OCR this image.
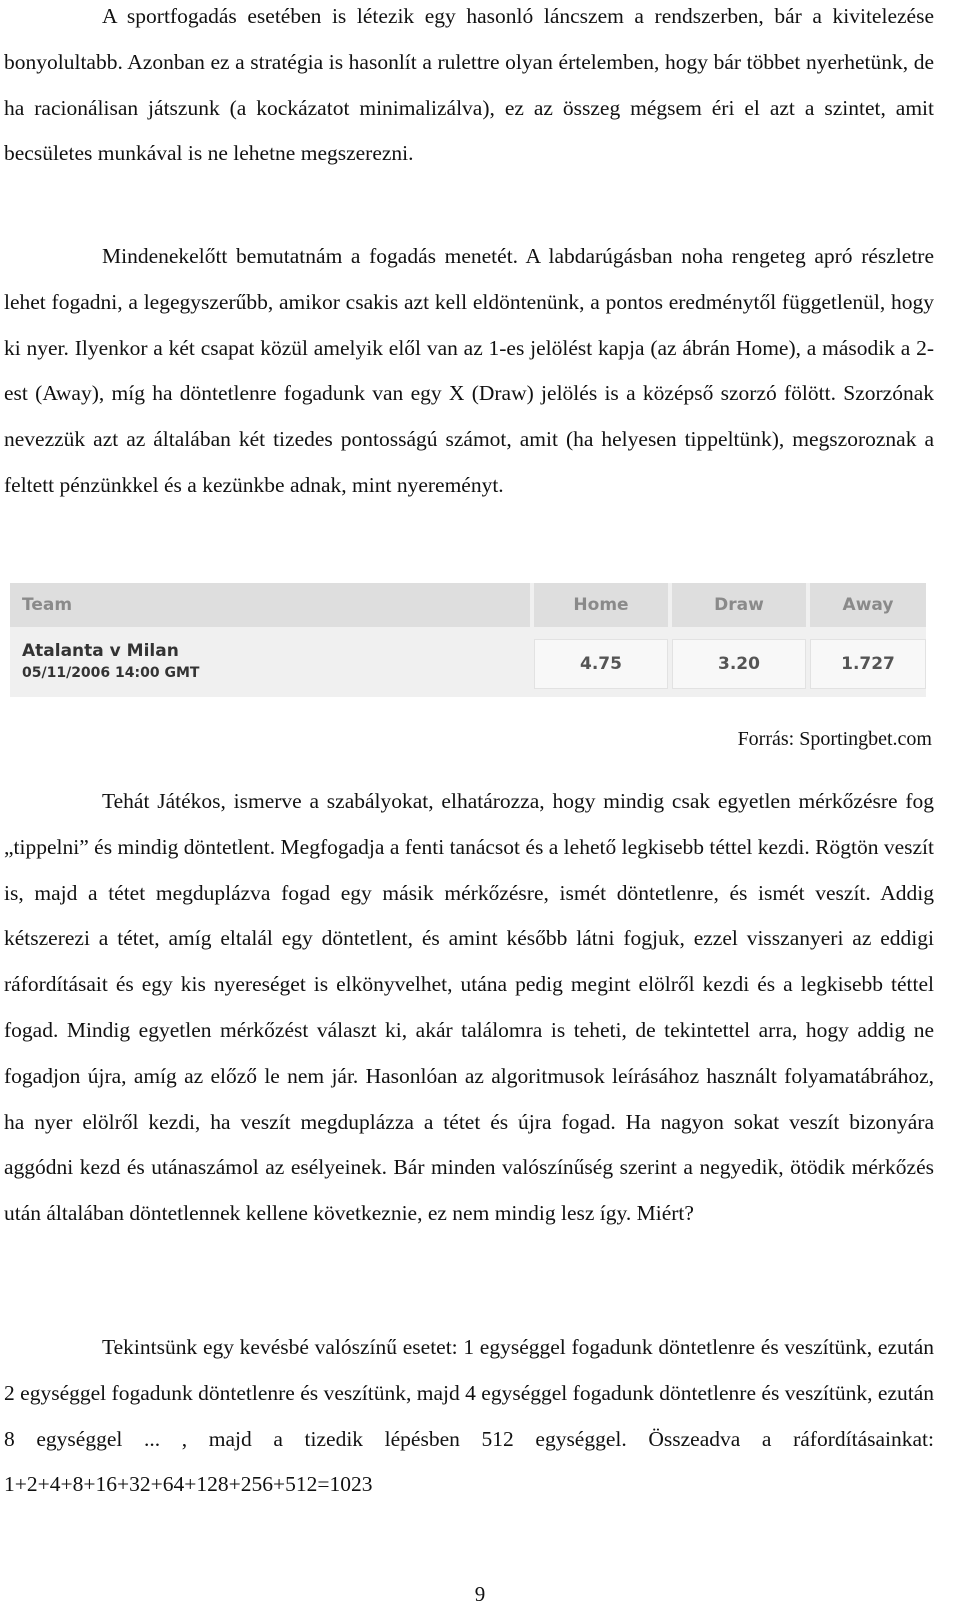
A sportfogadás esetében is létezik egy hasonló láncszem a rendszerben, bár a kivitelezése bonyolultabb. Azonban ez a stratégia is hasonlít a rulettre olyan értelemben, hogy bár többet nyerhetünk, de ha racionálisan játszunk (a kockázatot minimalizálva), ez az összeg mégsem éri el azt a szintet, amit becsületes munkával is ne lehetne megszerezni.

Mindenekelőtt bemutatnám a fogadás menetét. A labdarúgásban noha rengeteg apró részletre lehet fogadni, a legegyszerűbb, amikor csakis azt kell eldöntenünk, a pontos eredménytől függetlenül, hogy ki nyer. Ilyenkor a két csapat közül amelyik elől van az 1-es jelölést kapja (az ábrán Home), a második a 2-est (Away), míg ha döntetlenre fogadunk van egy X (Draw) jelölés is a középső szorzó fölött. Szorzónak nevezzük azt az általában két tizedes pontosságú számot, amit (ha helyesen tippeltünk), megszoroznak a feltett pénzünkkel és a kezünkbe adnak, mint nyereményt.

Team	Home	Draw	Away
Atalanta v Milan
05/11/2006 14:00 GMT	4.75	3.20	1.727
Forrás: Sportingbet.com

Tehát Játékos, ismerve a szabályokat, elhatározza, hogy mindig csak egyetlen mérkőzésre fog „tippelni” és mindig döntetlent. Megfogadja a fenti tanácsot és a lehető legkisebb téttel kezdi. Rögtön veszít is, majd a tétet megduplázva fogad egy másik mérkőzésre, ismét döntetlenre, és ismét veszít. Addig kétszerezi a tétet, amíg eltalál egy döntetlent, és amint később látni fogjuk, ezzel visszanyeri az eddigi ráfordításait és egy kis nyereséget is elkönyvelhet, utána pedig megint elölről kezdi és a legkisebb téttel fogad. Mindig egyetlen mérkőzést választ ki, akár találomra is teheti, de tekintettel arra, hogy addig ne fogadjon újra, amíg az előző le nem jár. Hasonlóan az algoritmusok leírásához használt folyamatábrához, ha nyer elölről kezdi, ha veszít megduplázza a tétet és újra fogad. Ha nagyon sokat veszít bizonyára aggódni kezd és utánaszámol az esélyeinek. Bár minden valószínűség szerint a negyedik, ötödik mérkőzés után általában döntetlennek kellene következnie, ez nem mindig lesz így. Miért?

Tekintsünk egy kevésbé valószínű esetet: 1 egységgel fogadunk döntetlenre és veszítünk, ezután 2 egységgel fogadunk döntetlenre és veszítünk, majd 4 egységgel fogadunk döntetlenre és veszítünk, ezután 8 egységgel ... , majd a tizedik lépésben 512 egységgel. Összeadva a ráfordításainkat: 1+2+4+8+16+32+64+128+256+512=1023

9
